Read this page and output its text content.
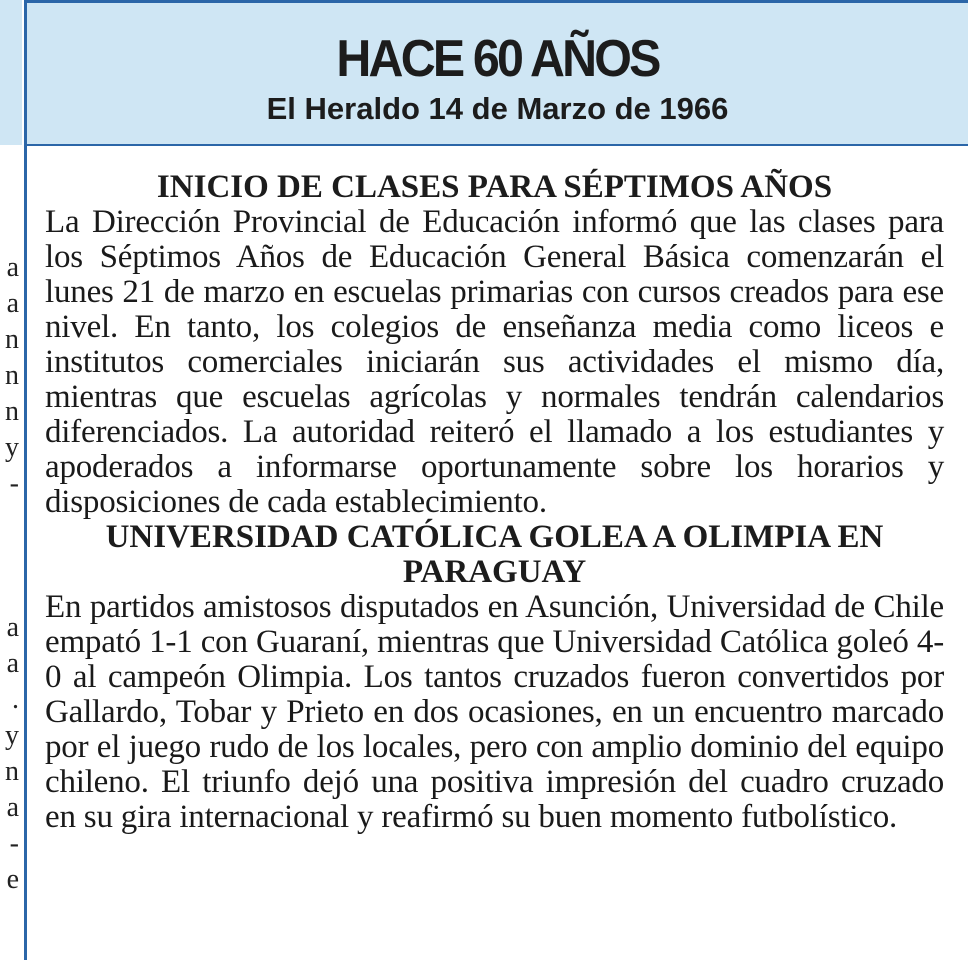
a
a
n
n
n
y
-
a
a
.
y
n
a
-
e
HACE 60 AÑOS
El Heraldo 14 de Marzo de 1966
INICIO DE CLASES PARA SÉPTIMOS AÑOS

La Dirección Provincial de Educación informó que las clases para los Séptimos Años de Educación General Básica comenzarán el lunes 21 de marzo en escuelas primarias con cursos creados para ese nivel. En tanto, los colegios de enseñanza media como liceos e institutos comerciales iniciarán sus actividades el mismo día, mientras que escuelas agrícolas y normales tendrán calendarios diferenciados. La autoridad reiteró el llamado a los estudiantes y apoderados a informarse oportunamente sobre los horarios y disposiciones de cada establecimiento.

UNIVERSIDAD CATÓLICA GOLEA A OLIMPIA EN PARAGUAY

En partidos amistosos disputados en Asunción, Universidad de Chile empató 1-1 con Guaraní, mientras que Universidad Católica goleó 4-0 al campeón Olimpia. Los tantos cruzados fueron convertidos por Gallardo, Tobar y Prieto en dos ocasiones, en un encuentro marcado por el juego rudo de los locales, pero con amplio dominio del equipo chileno. El triunfo dejó una positiva impresión del cuadro cruzado en su gira internacional y reafirmó su buen momento futbolístico.
